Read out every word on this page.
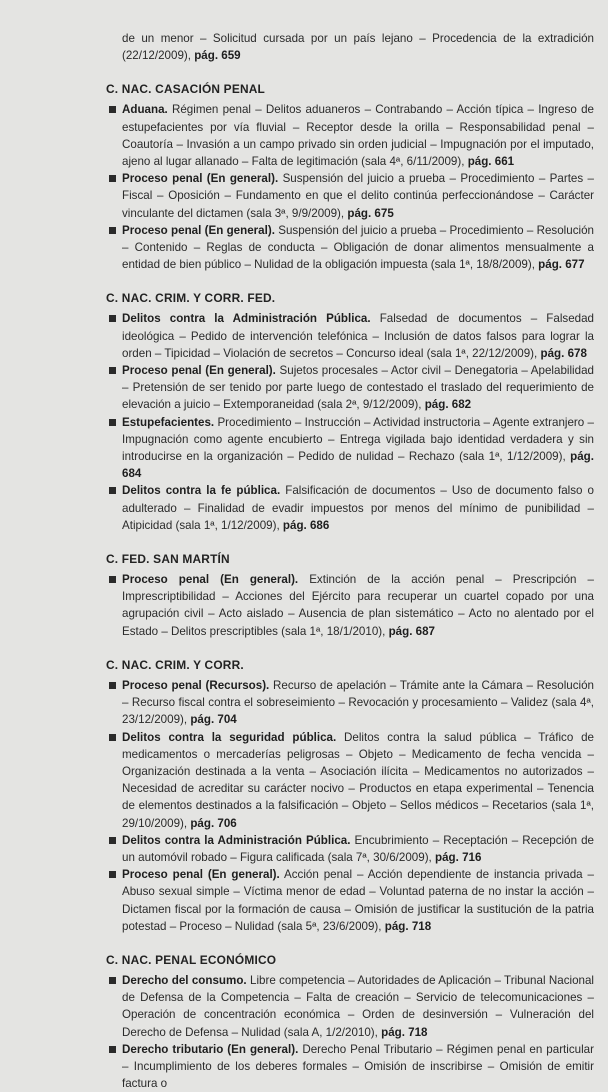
de un menor – Solicitud cursada por un país lejano – Procedencia de la extradición (22/12/2009), pág. 659
C. NAC. CASACIÓN PENAL
Aduana. Régimen penal – Delitos aduaneros – Contrabando – Acción típica – Ingreso de estupefacientes por vía fluvial – Receptor desde la orilla – Responsabilidad penal – Coautoría – Invasión a un campo privado sin orden judicial – Impugnación por el imputado, ajeno al lugar allanado – Falta de legitimación (sala 4ª, 6/11/2009), pág. 661
Proceso penal (En general). Suspensión del juicio a prueba – Procedimiento – Partes – Fiscal – Oposición – Fundamento en que el delito continúa perfeccionándose – Carácter vinculante del dictamen (sala 3ª, 9/9/2009), pág. 675
Proceso penal (En general). Suspensión del juicio a prueba – Procedimiento – Resolución – Contenido – Reglas de conducta – Obligación de donar alimentos mensualmente a entidad de bien público – Nulidad de la obligación impuesta (sala 1ª, 18/8/2009), pág. 677
C. NAC. CRIM. Y CORR. FED.
Delitos contra la Administración Pública. Falsedad de documentos – Falsedad ideológica – Pedido de intervención telefónica – Inclusión de datos falsos para lograr la orden – Tipicidad – Violación de secretos – Concurso ideal (sala 1ª, 22/12/2009), pág. 678
Proceso penal (En general). Sujetos procesales – Actor civil – Denegatoria – Apelabilidad – Pretensión de ser tenido por parte luego de contestado el traslado del requerimiento de elevación a juicio – Extemporaneidad (sala 2ª, 9/12/2009), pág. 682
Estupefacientes. Procedimiento – Instrucción – Actividad instructoria – Agente extranjero – Impugnación como agente encubierto – Entrega vigilada bajo identidad verdadera y sin introducirse en la organización – Pedido de nulidad – Rechazo (sala 1ª, 1/12/2009), pág. 684
Delitos contra la fe pública. Falsificación de documentos – Uso de documento falso o adulterado – Finalidad de evadir impuestos por menos del mínimo de punibilidad – Atipicidad (sala 1ª, 1/12/2009), pág. 686
C. FED. SAN MARTÍN
Proceso penal (En general). Extinción de la acción penal – Prescripción – Imprescriptibilidad – Acciones del Ejército para recuperar un cuartel copado por una agrupación civil – Acto aislado – Ausencia de plan sistemático – Acto no alentado por el Estado – Delitos prescriptibles (sala 1ª, 18/1/2010), pág. 687
C. NAC. CRIM. Y CORR.
Proceso penal (Recursos). Recurso de apelación – Trámite ante la Cámara – Resolución – Recurso fiscal contra el sobreseimiento – Revocación y procesamiento – Validez (sala 4ª, 23/12/2009), pág. 704
Delitos contra la seguridad pública. Delitos contra la salud pública – Tráfico de medicamentos o mercaderías peligrosas – Objeto – Medicamento de fecha vencida – Organización destinada a la venta – Asociación ilícita – Medicamentos no autorizados – Necesidad de acreditar su carácter nocivo – Productos en etapa experimental – Tenencia de elementos destinados a la falsificación – Objeto – Sellos médicos – Recetarios (sala 1ª, 29/10/2009), pág. 706
Delitos contra la Administración Pública. Encubrimiento – Receptación – Recepción de un automóvil robado – Figura calificada (sala 7ª, 30/6/2009), pág. 716
Proceso penal (En general). Acción penal – Acción dependiente de instancia privada – Abuso sexual simple – Víctima menor de edad – Voluntad paterna de no instar la acción – Dictamen fiscal por la formación de causa – Omisión de justificar la sustitución de la patria potestad – Proceso – Nulidad (sala 5ª, 23/6/2009), pág. 718
C. NAC. PENAL ECONÓMICO
Derecho del consumo. Libre competencia – Autoridades de Aplicación – Tribunal Nacional de Defensa de la Competencia – Falta de creación – Servicio de telecomunicaciones – Operación de concentración económica – Orden de desinversión – Vulneración del Derecho de Defensa – Nulidad (sala A, 1/2/2010), pág. 718
Derecho tributario (En general). Derecho Penal Tributario – Régimen penal en particular – Incumplimiento de los deberes formales – Omisión de inscribirse – Omisión de emitir factura o
